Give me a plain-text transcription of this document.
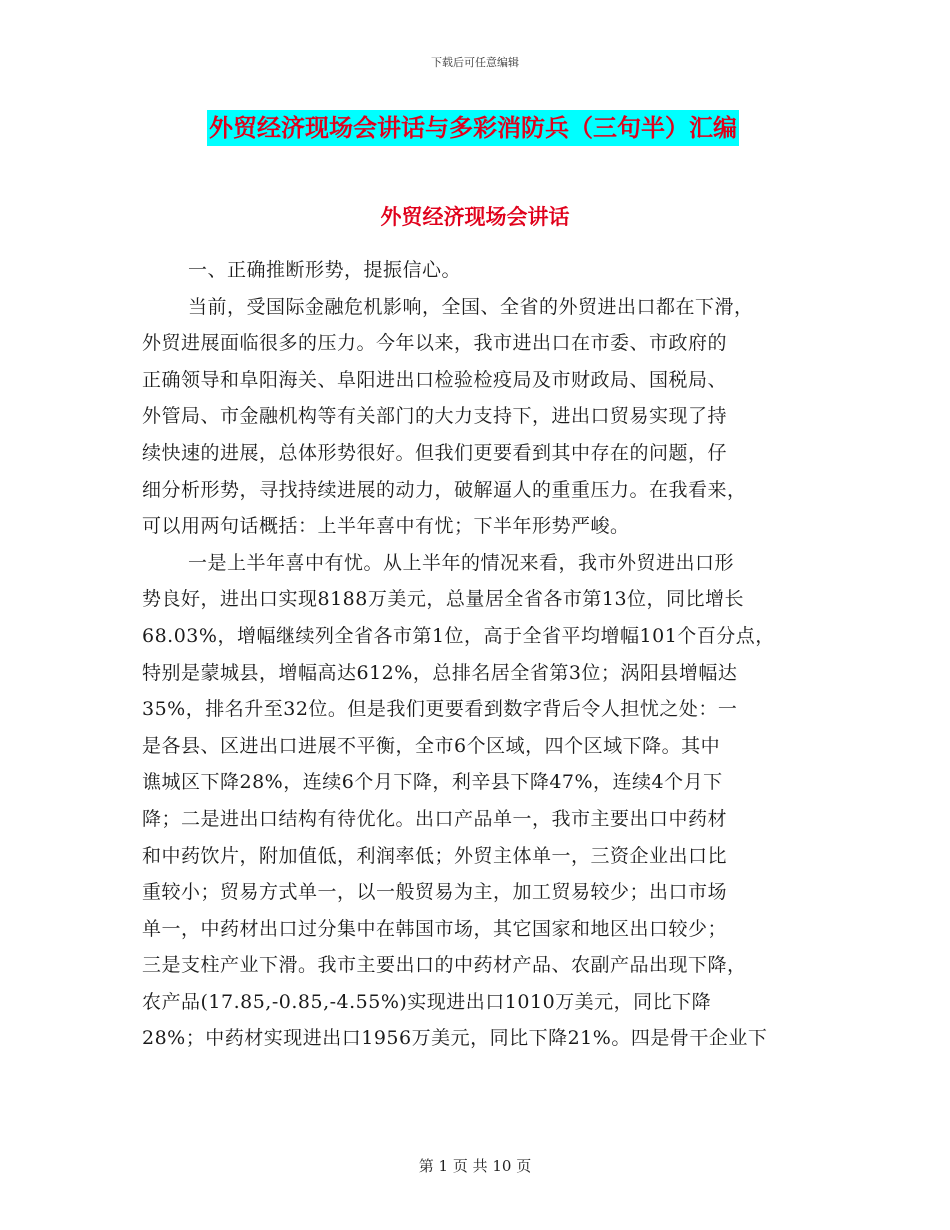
下载后可任意编辑
外贸经济现场会讲话与多彩消防兵（三句半）汇编
外贸经济现场会讲话
一、正确推断形势，提振信心。
当前，受国际金融危机影响，全国、全省的外贸进出口都在下滑，
外贸进展面临很多的压力。今年以来，我市进出口在市委、市政府的
正确领导和阜阳海关、阜阳进出口检验检疫局及市财政局、国税局、
外管局、市金融机构等有关部门的大力支持下，进出口贸易实现了持
续快速的进展，总体形势很好。但我们更要看到其中存在的问题，仔
细分析形势，寻找持续进展的动力，破解逼人的重重压力。在我看来，
可以用两句话概括：上半年喜中有忧；下半年形势严峻。
一是上半年喜中有忧。从上半年的情况来看，我市外贸进出口形
势良好，进出口实现8188万美元，总量居全省各市第13位，同比增长
68.03%，增幅继续列全省各市第1位，高于全省平均增幅101个百分点，
特别是蒙城县，增幅高达612%，总排名居全省第3位；涡阳县增幅达
35%，排名升至32位。但是我们更要看到数字背后令人担忧之处：一
是各县、区进出口进展不平衡，全市6个区域，四个区域下降。其中
谯城区下降28%，连续6个月下降，利辛县下降47%，连续4个月下
降；二是进出口结构有待优化。出口产品单一，我市主要出口中药材
和中药饮片，附加值低，利润率低；外贸主体单一，三资企业出口比
重较小；贸易方式单一，以一般贸易为主，加工贸易较少；出口市场
单一，中药材出口过分集中在韩国市场，其它国家和地区出口较少；
三是支柱产业下滑。我市主要出口的中药材产品、农副产品出现下降，
农产品(17.85,-0.85,-4.55%)实现进出口1010万美元，同比下降
28%；中药材实现进出口1956万美元，同比下降21%。四是骨干企业下
第 1 页 共 10 页
